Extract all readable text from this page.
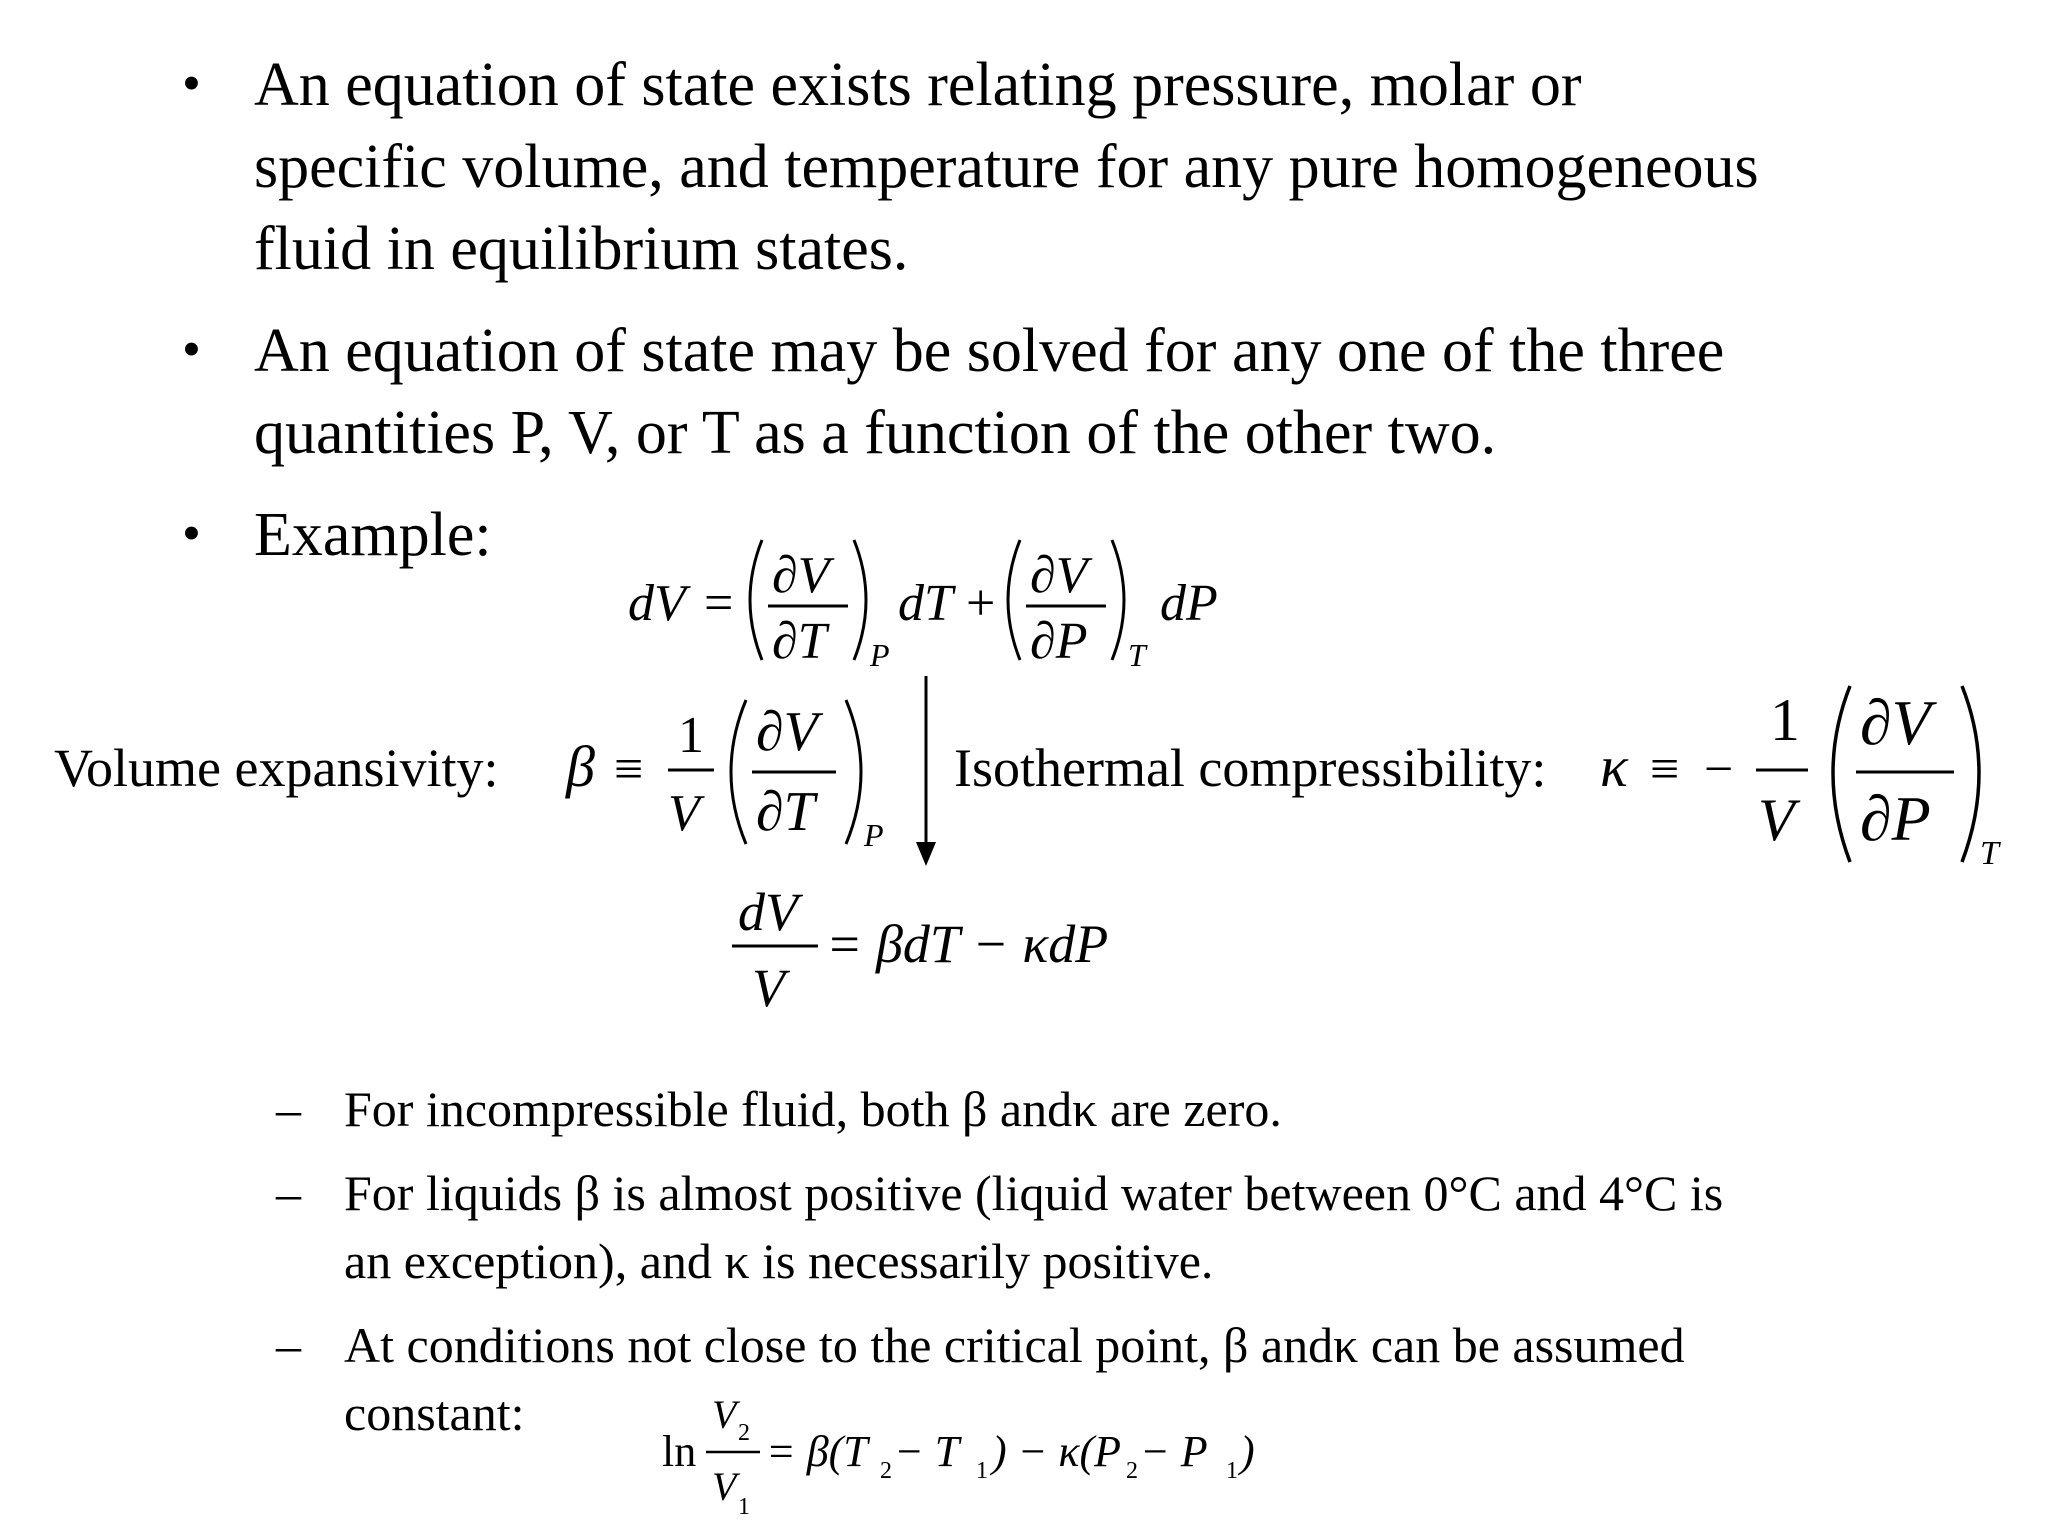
• An equation of state exists relating pressure, molar or
specific volume, and temperature for any pure homogeneous
fluid in equilibrium states.
• An equation of state may be solved for any one of the three
quantities P, V, or T as a function of the other two.
• Example:
dV = ∂V
∂T P
dT + ∂V
∂P T
dP
Volume expansivity: β ≡
1
V
∂V
∂T P
Isothermal compressibility: κ ≡ −
1
V
∂V
∂P T
dV
V
= βdT − κdP
ln
V 2
V 1
= β(T 2 − T 1 ) − κ(P 2 − P 1 )
– For incompressible fluid, both β andκ are zero.
– For liquids β is almost positive (liquid water between 0°C and 4°C is
an exception), and κ is necessarily positive.
– At conditions not close to the critical point, β andκ can be assumed
constant:
